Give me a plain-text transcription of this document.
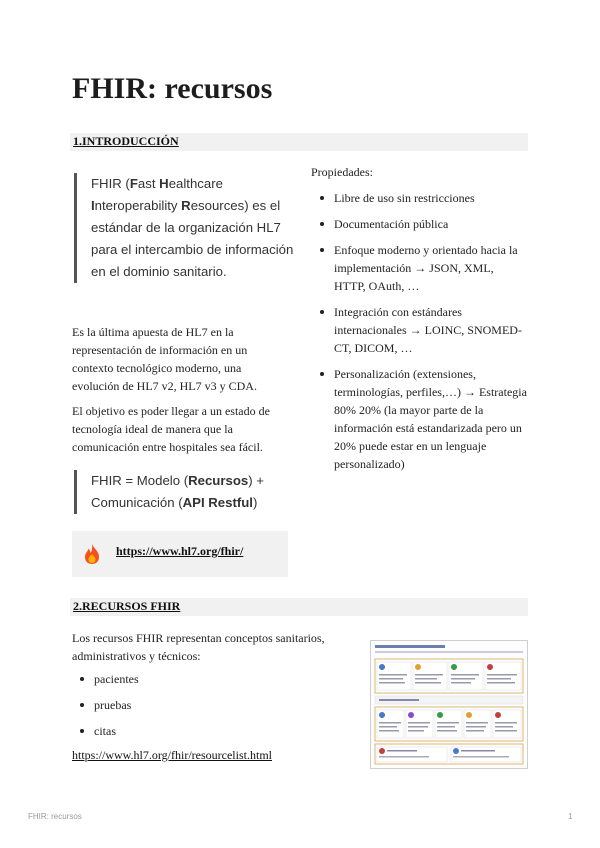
FHIR: recursos
1.INTRODUCCIÓN
FHIR (Fast Healthcare Interoperability Resources) es el estándar de la organización HL7 para el intercambio de información en el dominio sanitario.
Es la última apuesta de HL7 en la representación de información en un contexto tecnológico moderno, una evolución de HL7 v2, HL7 v3 y CDA.
El objetivo es poder llegar a un estado de tecnología ideal de manera que la comunicación entre hospitales sea fácil.
FHIR = Modelo (Recursos) + Comunicación (API Restful)
https://www.hl7.org/fhir/
Propiedades:
Libre de uso sin restricciones
Documentación pública
Enfoque moderno y orientado hacia la implementación → JSON, XML, HTTP, OAuth, …
Integración con estándares internacionales → LOINC, SNOMED-CT, DICOM, …
Personalización (extensiones, terminologías, perfiles,…) → Estrategia 80% 20% (la mayor parte de la información está estandarizada pero un 20% puede estar en un lenguaje personalizado)
2.RECURSOS FHIR
Los recursos FHIR representan conceptos sanitarios, administrativos y técnicos:
pacientes
pruebas
citas
https://www.hl7.org/fhir/resourcelist.html
FHIR: recursos	1
